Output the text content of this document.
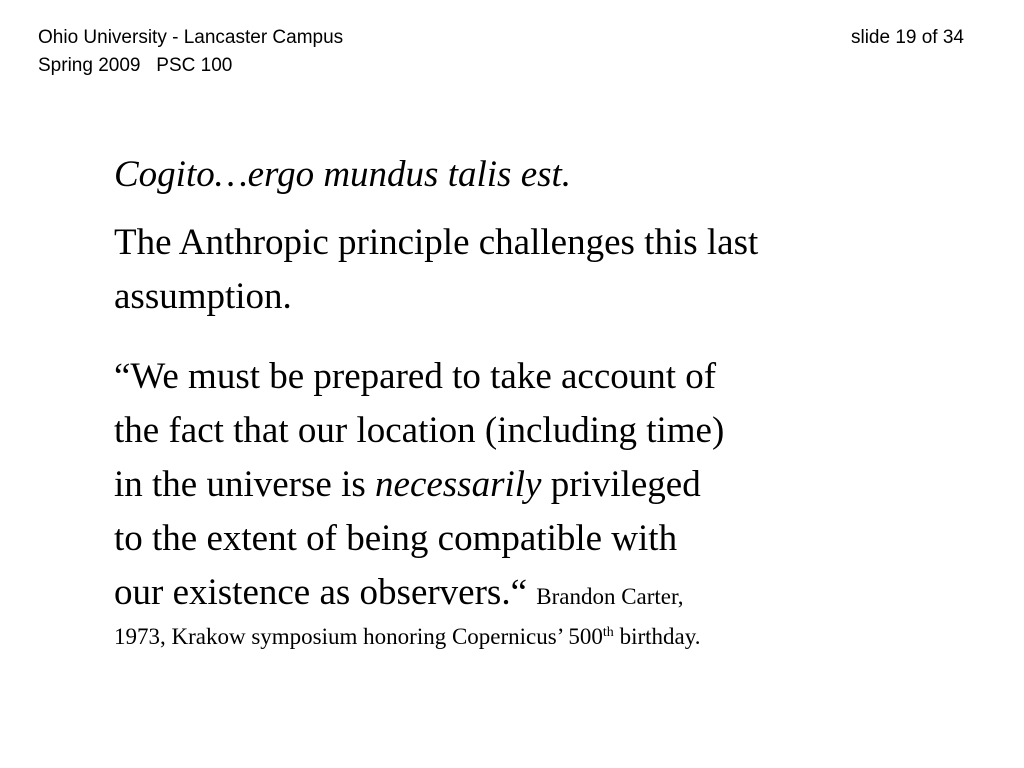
Ohio University - Lancaster Campus	slide 19 of 34
Spring 2009   PSC 100

Cogito…ergo mundus talis est.

The Anthropic principle challenges this last
assumption.

“We must be prepared to take account of
the fact that our location (including time)
in the universe is necessarily privileged
to the extent of being compatible with
our existence as observers.“ Brandon Carter,
1973, Krakow symposium honoring Copernicus’ 500th birthday.
